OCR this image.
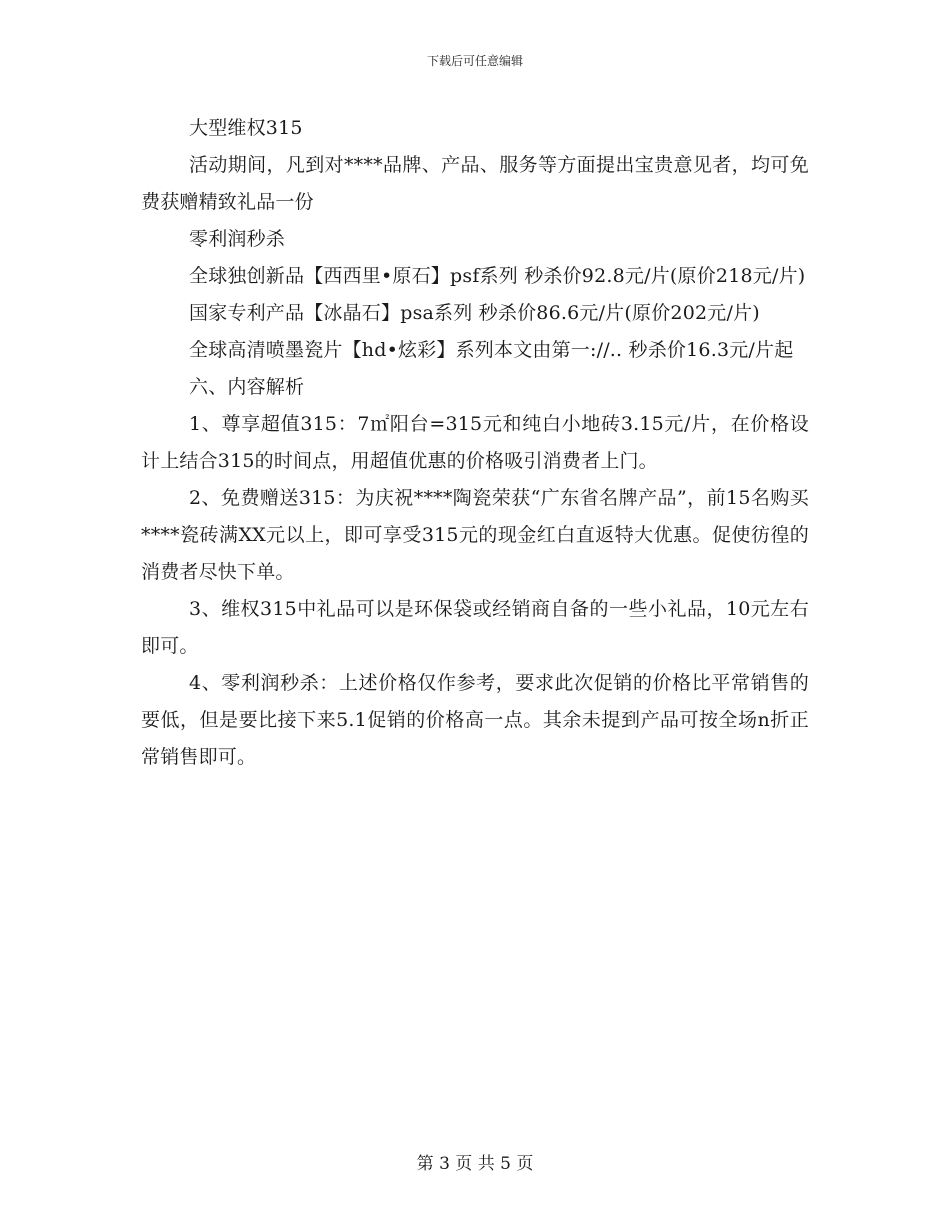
下载后可任意编辑

大型维权315

活动期间，凡到对****品牌、产品、服务等方面提出宝贵意见者，均可免费获赠精致礼品一份

零利润秒杀

全球独创新品【西西里•原石】psf系列 秒杀价92.8元/片(原价218元/片)

国家专利产品【冰晶石】psa系列 秒杀价86.6元/片(原价202元/片)

全球高清喷墨瓷片【hd•炫彩】系列本文由第一://.. 秒杀价16.3元/片起

六、内容解析

1、尊享超值315：7㎡阳台=315元和纯白小地砖3.15元/片，在价格设计上结合315的时间点，用超值优惠的价格吸引消费者上门。

2、免费赠送315：为庆祝****陶瓷荣获“广东省名牌产品”，前15名购买****瓷砖满XX元以上，即可享受315元的现金红白直返特大优惠。促使彷徨的消费者尽快下单。

3、维权315中礼品可以是环保袋或经销商自备的一些小礼品，10元左右即可。

4、零利润秒杀：上述价格仅作参考，要求此次促销的价格比平常销售的要低，但是要比接下来5.1促销的价格高一点。其余未提到产品可按全场n折正常销售即可。

第 3 页 共 5 页
